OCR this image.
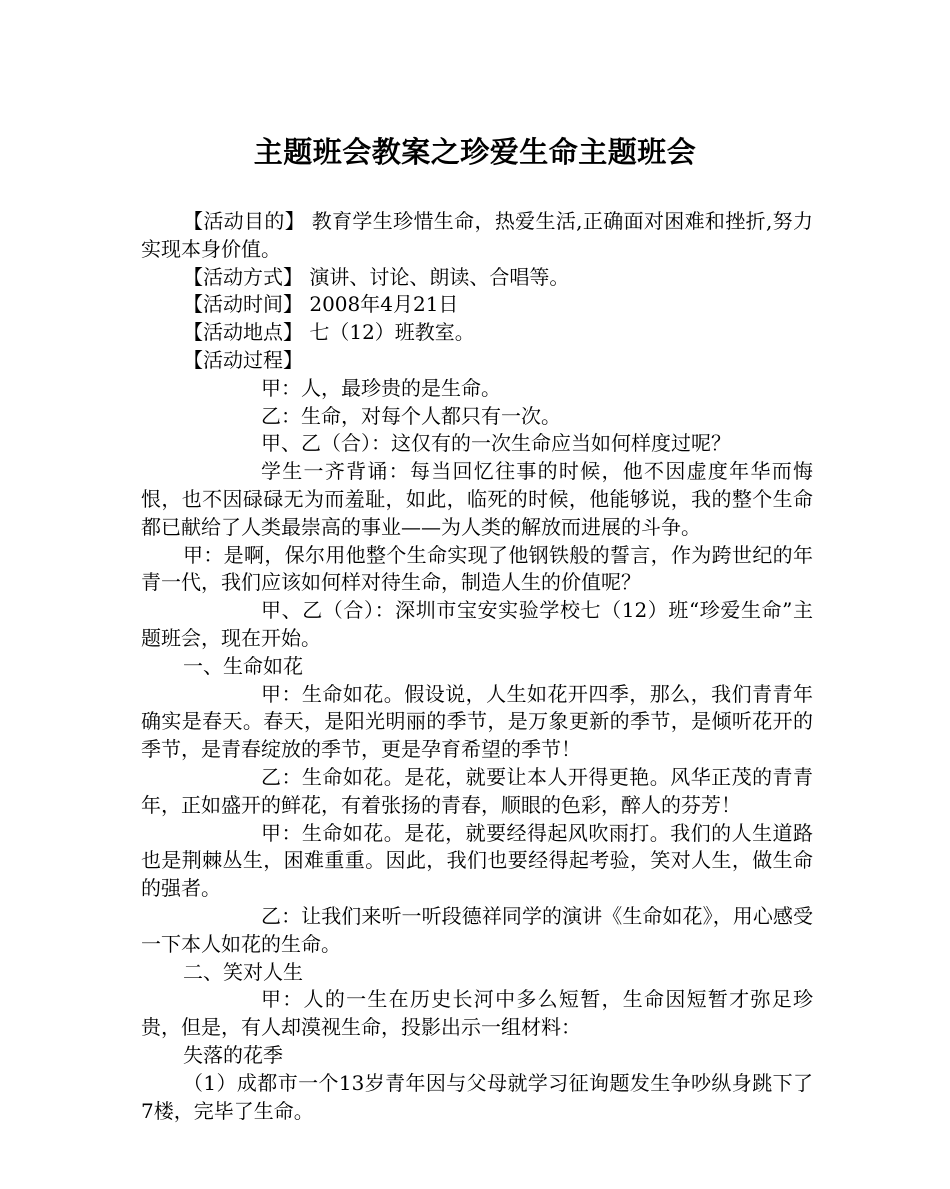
主题班会教案之珍爱生命主题班会

【活动目的】 教育学生珍惜生命，热爱生活,正确面对困难和挫折,努力实现本身价值。

【活动方式】 演讲、讨论、朗读、合唱等。

【活动时间】 2008年4月21日

【活动地点】 七（12）班教室。

【活动过程】

甲：人，最珍贵的是生命。

乙：生命，对每个人都只有一次。

甲、乙（合）：这仅有的一次生命应当如何样度过呢？

学生一齐背诵：每当回忆往事的时候，他不因虚度年华而悔恨，也不因碌碌无为而羞耻，如此，临死的时候，他能够说，我的整个生命都已献给了人类最崇高的事业——为人类的解放而进展的斗争。

甲：是啊，保尔用他整个生命实现了他钢铁般的誓言，作为跨世纪的年青一代，我们应该如何样对待生命，制造人生的价值呢？

甲、乙（合）：深圳市宝安实验学校七（12）班“珍爱生命”主题班会，现在开始。

一、生命如花

甲：生命如花。假设说，人生如花开四季，那么，我们青青年确实是春天。春天，是阳光明丽的季节，是万象更新的季节，是倾听花开的季节，是青春绽放的季节，更是孕育希望的季节！

乙：生命如花。是花，就要让本人开得更艳。风华正茂的青青年，正如盛开的鲜花，有着张扬的青春，顺眼的色彩，醉人的芬芳！

甲：生命如花。是花，就要经得起风吹雨打。我们的人生道路也是荆棘丛生，困难重重。因此，我们也要经得起考验，笑对人生，做生命的强者。

乙：让我们来听一听段德祥同学的演讲《生命如花》，用心感受一下本人如花的生命。

二、笑对人生

甲：人的一生在历史长河中多么短暂，生命因短暂才弥足珍贵，但是，有人却漠视生命，投影出示一组材料：

失落的花季

（1）成都市一个13岁青年因与父母就学习征询题发生争吵纵身跳下了7楼，完毕了生命。
